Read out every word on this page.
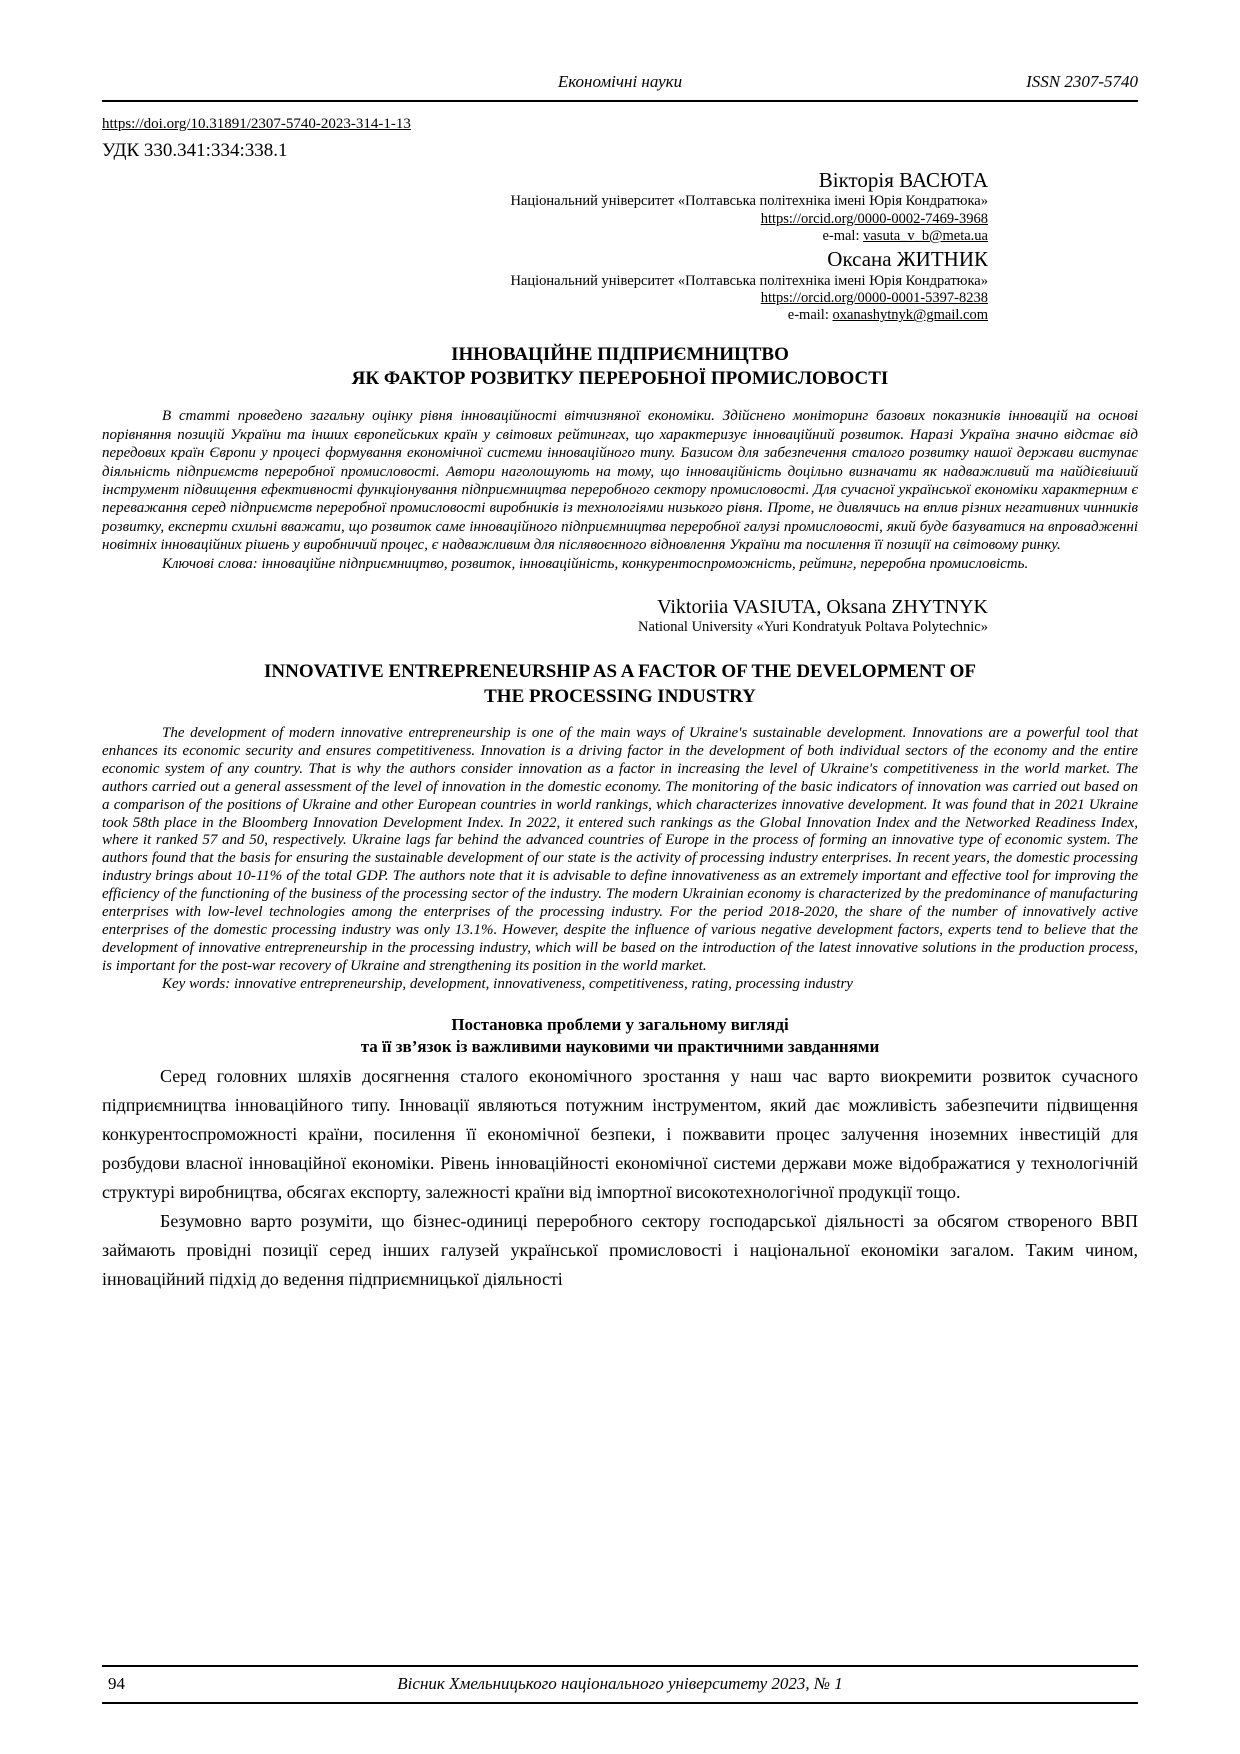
Економічні науки	ISSN 2307-5740
https://doi.org/10.31891/2307-5740-2023-314-1-13
УДК 330.341:334:338.1
Вікторія ВАСЮТА
Національний університет «Полтавська політехніка імені Юрія Кондратюка»
https://orcid.org/0000-0002-7469-3968
e-mal: vasuta_v_b@meta.ua
Оксана ЖИТНИК
Національний університет «Полтавська політехніка імені Юрія Кондратюка»
https://orcid.org/0000-0001-5397-8238
e-mail: oxanashytnyk@gmail.com
ІННОВАЦІЙНЕ ПІДПРИЄМНИЦТВО
ЯК ФАКТОР РОЗВИТКУ ПЕРЕРОБНОЇ ПРОМИСЛОВОСТІ

В статті проведено загальну оцінку рівня інноваційності вітчизняної економіки. Здійснено моніторинг базових показників інновацій на основі порівняння позицій України та інших європейських країн у світових рейтингах, що характеризує інноваційний розвиток. Наразі Україна значно відстає від передових країн Європи у процесі формування економічної системи інноваційного типу. Базисом для забезпечення сталого розвитку нашої держави виступає діяльність підприємств переробної промисловості. Автори наголошують на тому, що інноваційність доцільно визначати як надважливий та найдієвіший інструмент підвищення ефективності функціонування підприємництва переробного сектору промисловості. Для сучасної української економіки характерним є переважання серед підприємств переробної промисловості виробників із технологіями низького рівня. Проте, не дивлячись на вплив різних негативних чинників розвитку, експерти схильні вважати, що розвиток саме інноваційного підприємництва переробної галузі промисловості, який буде базуватися на впровадженні новітніх інноваційних рішень у виробничий процес, є надважливим для післявоєнного відновлення України та посилення її позиції на світовому ринку.

Ключові слова: інноваційне підприємництво, розвиток, інноваційність, конкурентоспроможність, рейтинг, переробна промисловість.

Viktoriia VASIUTA, Oksana ZHYTNYK
National University «Yuri Kondratyuk Poltava Polytechnic»
INNOVATIVE ENTREPRENEURSHIP AS A FACTOR OF THE DEVELOPMENT OF
THE PROCESSING INDUSTRY

The development of modern innovative entrepreneurship is one of the main ways of Ukraine's sustainable development. Innovations are a powerful tool that enhances its economic security and ensures competitiveness. Innovation is a driving factor in the development of both individual sectors of the economy and the entire economic system of any country. That is why the authors consider innovation as a factor in increasing the level of Ukraine's competitiveness in the world market. The authors carried out a general assessment of the level of innovation in the domestic economy. The monitoring of the basic indicators of innovation was carried out based on a comparison of the positions of Ukraine and other European countries in world rankings, which characterizes innovative development. It was found that in 2021 Ukraine took 58th place in the Bloomberg Innovation Development Index. In 2022, it entered such rankings as the Global Innovation Index and the Networked Readiness Index, where it ranked 57 and 50, respectively. Ukraine lags far behind the advanced countries of Europe in the process of forming an innovative type of economic system. The authors found that the basis for ensuring the sustainable development of our state is the activity of processing industry enterprises. In recent years, the domestic processing industry brings about 10-11% of the total GDP. The authors note that it is advisable to define innovativeness as an extremely important and effective tool for improving the efficiency of the functioning of the business of the processing sector of the industry. The modern Ukrainian economy is characterized by the predominance of manufacturing enterprises with low-level technologies among the enterprises of the processing industry. For the period 2018-2020, the share of the number of innovatively active enterprises of the domestic processing industry was only 13.1%. However, despite the influence of various negative development factors, experts tend to believe that the development of innovative entrepreneurship in the processing industry, which will be based on the introduction of the latest innovative solutions in the production process, is important for the post-war recovery of Ukraine and strengthening its position in the world market.

Key words: innovative entrepreneurship, development, innovativeness, competitiveness, rating, processing industry

Постановка проблеми у загальному вигляді
та її зв’язок із важливими науковими чи практичними завданнями

Серед головних шляхів досягнення сталого економічного зростання у наш час варто виокремити розвиток сучасного підприємництва інноваційного типу. Інновації являються потужним інструментом, який дає можливість забезпечити підвищення конкурентоспроможності країни, посилення її економічної безпеки, і пожвавити процес залучення іноземних інвестицій для розбудови власної інноваційної економіки. Рівень інноваційності економічної системи держави може відображатися у технологічній структурі виробництва, обсягах експорту, залежності країни від імпортної високотехнологічної продукції тощо.

Безумовно варто розуміти, що бізнес-одиниці переробного сектору господарської діяльності за обсягом створеного ВВП займають провідні позиції серед інших галузей української промисловості і національної економіки загалом. Таким чином, інноваційний підхід до ведення підприємницької діяльності

94	Вісник Хмельницького національного університету 2023, № 1
